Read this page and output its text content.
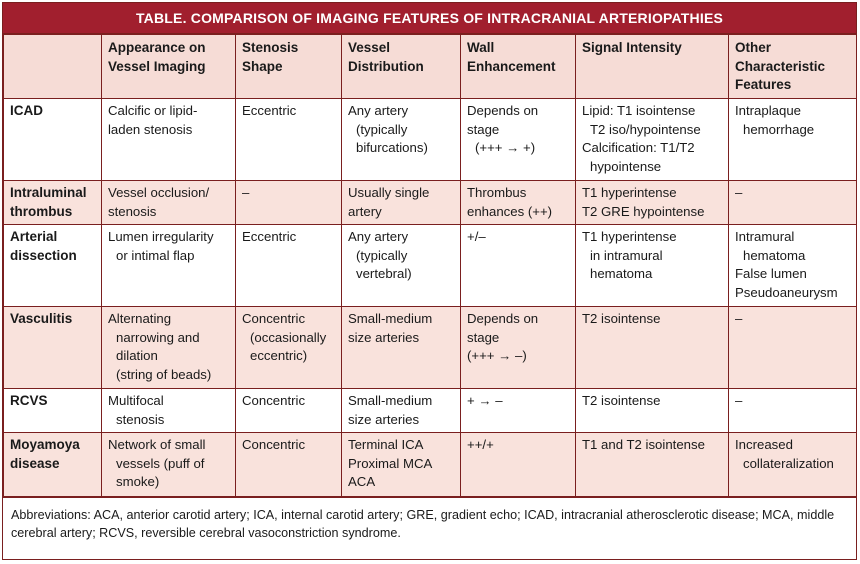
TABLE. COMPARISON OF IMAGING FEATURES OF INTRACRANIAL ARTERIOPATHIES
	Appearance on Vessel Imaging	Stenosis Shape	Vessel Distribution	Wall Enhancement	Signal Intensity	Other Characteristic Features
ICAD	Calcific or lipid-
laden stenosis	Eccentric	Any artery
(typically
bifurcations)	Depends on
stage
(+++ → +)	Lipid: T1 isointense
T2 iso/hypointense
Calcification: T1/T2
hypointense	Intraplaque
hemorrhage

Intraluminal thrombus	Vessel occlusion/
stenosis	–	Usually single
artery	Thrombus
enhances (++)	T1 hyperintense
T2 GRE hypointense	–

Arterial dissection	Lumen irregularity
or intimal flap	Eccentric	Any artery
(typically
vertebral)	+/–	T1 hyperintense
in intramural
hematoma	Intramural
hematoma
False lumen
Pseudoaneurysm

Vasculitis	Alternating
narrowing and
dilation
(string of beads)	Concentric
(occasionally
eccentric)	Small-medium
size arteries	Depends on
stage
(+++ → –)	T2 isointense	–

RCVS	Multifocal
stenosis	Concentric	Small-medium
size arteries	+ → –	T2 isointense	–

Moyamoya disease	Network of small
vessels (puff of
smoke)	Concentric	Terminal ICA
Proximal MCA
ACA	++/+	T1 and T2 isointense	Increased
collateralization
Abbreviations: ACA, anterior carotid artery; ICA, internal carotid artery; GRE, gradient echo; ICAD, intracranial atherosclerotic disease; MCA, middle cerebral artery; RCVS, reversible cerebral vasoconstriction syndrome.
